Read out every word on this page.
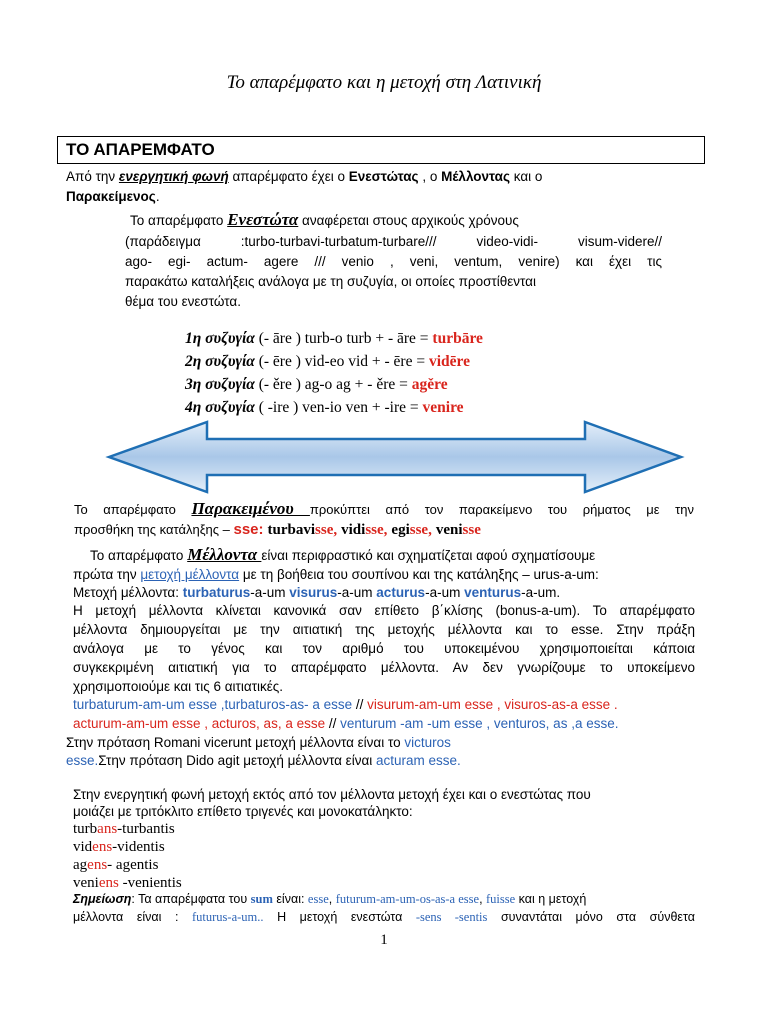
Το απαρέμφατο και η μετοχή στη Λατινική
ΤΟ ΑΠΑΡΕΜΦΑΤΟ
Από την ενεργητική φωνή απαρέμφατο έχει ο Ενεστώτας , ο Μέλλοντας και ο
Παρακείμενος.
Το απαρέμφατο Ενεστώτα αναφέρεται στους αρχικούς χρόνους
(παράδειγμα :turbo-turbavi-turbatum-turbare/// video-vidi- visum-videre//
ago- egi- actum- agere /// venio , veni, ventum, venire) και έχει τις
παρακάτω καταλήξεις ανάλογα με τη συζυγία, οι οποίες προστίθενται
θέμα του ενεστώτα.
1η συζυγία (- āre ) turb-o turb + - āre = turbāre
2η συζυγία (- ēre ) vid-eo vid + - ēre = vidēre
3η συζυγία (- ěre ) ag-o ag + - ěre = agěre
4η συζυγία ( -ire ) ven-io ven + -ire = venire
Το απαρέμφατο Παρακειμένου προκύπτει από τον παρακείμενο του ρήματος με την
προσθήκη της κατάληξης – sse: turbavisse, vidisse, egisse, venisse
Το απαρέμφατο Μέλλοντα είναι περιφραστικό και σχηματίζεται αφού σχηματίσουμε
πρώτα την μετοχή μέλλοντα με τη βοήθεια του σουπίνου και της κατάληξης – urus-a-um:
Μετοχή μέλλοντα: turbaturus-a-um visurus-a-um acturus-a-um venturus-a-um.
Η μετοχή μέλλοντα κλίνεται κανονικά σαν επίθετο β΄κλίσης (bonus-a-um). Το απαρέμφατο
μέλλοντα δημιουργείται με την αιτιατική της μετοχής μέλλοντα και το esse. Στην πράξη
ανάλογα με το γένος και τον αριθμό του υποκειμένου χρησιμοποιείται κάποια
συγκεκριμένη αιτιατική για το απαρέμφατο μέλλοντα. Αν δεν γνωρίζουμε το υποκείμενο
χρησιμοποιούμε και τις 6 αιτιατικές.
turbaturum-am-um esse ,turbaturos-as- a esse // visurum-am-um esse , visuros-as-a esse .
acturum-am-um esse , acturos, as, a esse // venturum -am -um esse , venturos, as ,a esse.
Στην πρόταση Romani vicerunt μετοχή μέλλοντα είναι το victuros
esse.Στην πρόταση Dido agit μετοχή μέλλοντα είναι acturam esse.
Στην ενεργητική φωνή μετοχή εκτός από τον μέλλοντα μετοχή έχει και ο ενεστώτας που
μοιάζει με τριτόκλιτο επίθετο τριγενές και μονοκατάληκτο:
turbans-turbantis
videns-videntis
agens- agentis
veniens -venientis
Σημείωση: Τα απαρέμφατα του sum είναι: esse, futurum-am-um-os-as-a esse, fuisse και η μετοχή
μέλλοντα είναι : futurus-a-um.. Η μετοχή ενεστώτα -sens -sentis συναντάται μόνο στα σύνθετα
1
